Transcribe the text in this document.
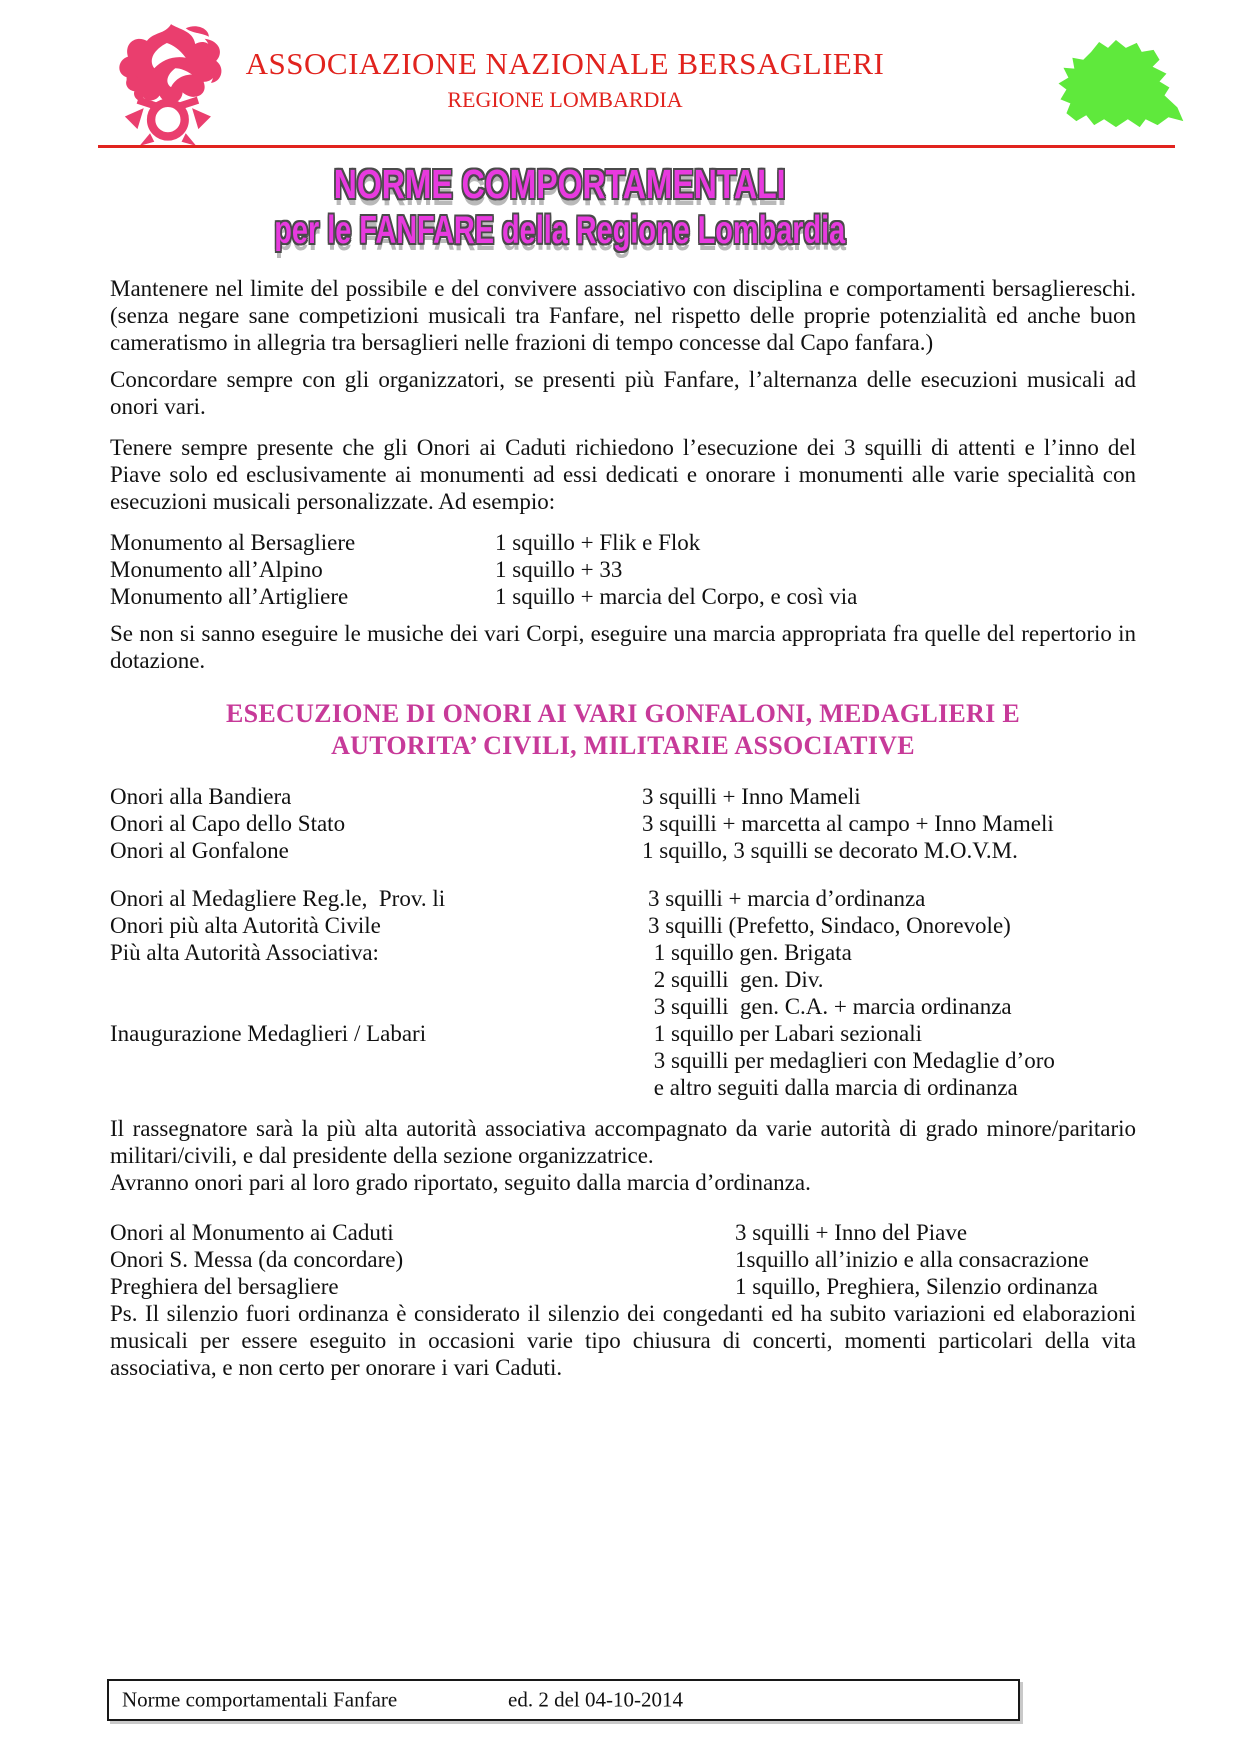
ASSOCIAZIONE NAZIONALE BERSAGLIERI
REGIONE LOMBARDIA
NORME COMPORTAMENTALI
per le FANFARE della Regione Lombardia

Mantenere nel limite del possibile e del convivere associativo con disciplina e comportamenti bersagliereschi. (senza negare sane competizioni musicali tra Fanfare, nel rispetto delle proprie potenzialità ed anche buon cameratismo in allegria tra bersaglieri nelle frazioni di tempo concesse dal Capo fanfara.)

Concordare sempre con gli organizzatori, se presenti più Fanfare, l’alternanza delle esecuzioni musicali ad onori vari.

Tenere sempre presente che gli Onori ai Caduti richiedono l’esecuzione dei 3 squilli di attenti e l’inno del Piave solo ed esclusivamente ai monumenti ad essi dedicati e onorare i monumenti alle varie specialità con esecuzioni musicali personalizzate. Ad esempio:

Monumento al Bersagliere	1 squillo + Flik e Flok
Monumento all’Alpino	1 squillo + 33
Monumento all’Artigliere	1 squillo + marcia del Corpo, e così via

Se non si sanno eseguire le musiche dei vari Corpi, eseguire una marcia appropriata fra quelle del repertorio in dotazione.

ESECUZIONE DI ONORI AI VARI GONFALONI, MEDAGLIERI E
AUTORITA’ CIVILI, MILITARIE ASSOCIATIVE
Onori alla Bandiera	3 squilli + Inno Mameli
Onori al Capo dello Stato	3 squilli + marcetta al campo + Inno Mameli
Onori al Gonfalone	1 squillo, 3 squilli se decorato M.O.V.M.
Onori al Medagliere Reg.le,  Prov. li	3 squilli + marcia d’ordinanza
Onori più alta Autorità Civile	3 squilli (Prefetto, Sindaco, Onorevole)
Più alta Autorità Associativa:	1 squillo gen. Brigata
2 squilli  gen. Div.
3 squilli  gen. C.A. + marcia ordinanza
Inaugurazione Medaglieri / Labari	1 squillo per Labari sezionali
3 squilli per medaglieri con Medaglie d’oro
e altro seguiti dalla marcia di ordinanza

Il rassegnatore sarà la più alta autorità associativa accompagnato da varie autorità di grado minore/paritario militari/civili, e dal presidente della sezione organizzatrice.

Avranno onori pari al loro grado riportato, seguito dalla marcia d’ordinanza.

Onori al Monumento ai Caduti	3 squilli + Inno del Piave
Onori S. Messa (da concordare)	1squillo all’inizio e alla consacrazione
Preghiera del bersagliere	1 squillo, Preghiera, Silenzio ordinanza

Ps. Il silenzio fuori ordinanza è considerato il silenzio dei congedanti ed ha subito variazioni ed elaborazioni musicali per essere eseguito in occasioni varie tipo chiusura di concerti, momenti particolari della vita associativa, e non certo per onorare i vari Caduti.

Norme comportamentali Fanfare	ed. 2 del 04-10-2014
